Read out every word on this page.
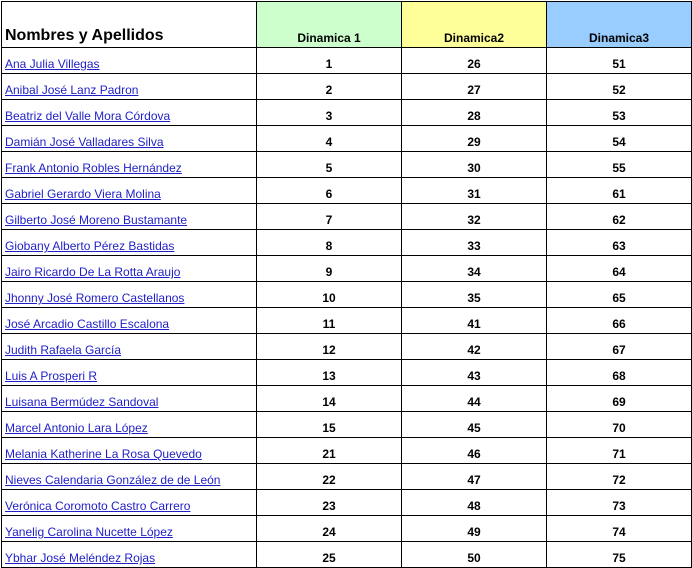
Nombres y Apellidos	Dinamica 1	Dinamica2	Dinamica3
Ana Julia Villegas	1	26	51
Anibal José Lanz Padron	2	27	52
Beatriz del Valle Mora Córdova	3	28	53
Damián José Valladares Silva	4	29	54
Frank Antonio Robles Hernández	5	30	55
Gabriel Gerardo Viera Molina	6	31	61
Gilberto José Moreno Bustamante	7	32	62
Giobany Alberto Pérez Bastidas	8	33	63
Jairo Ricardo De La Rotta Araujo	9	34	64
Jhonny José Romero Castellanos	10	35	65
José Arcadio Castillo Escalona	11	41	66
Judith Rafaela García	12	42	67
Luis A Prosperi R	13	43	68
Luisana Bermúdez Sandoval	14	44	69
Marcel Antonio Lara López	15	45	70
Melania Katherine La Rosa Quevedo	21	46	71
Nieves Calendaria González de de León	22	47	72
Verónica Coromoto Castro Carrero	23	48	73
Yanelig Carolina Nucette López	24	49	74
Ybhar José Meléndez Rojas	25	50	75
